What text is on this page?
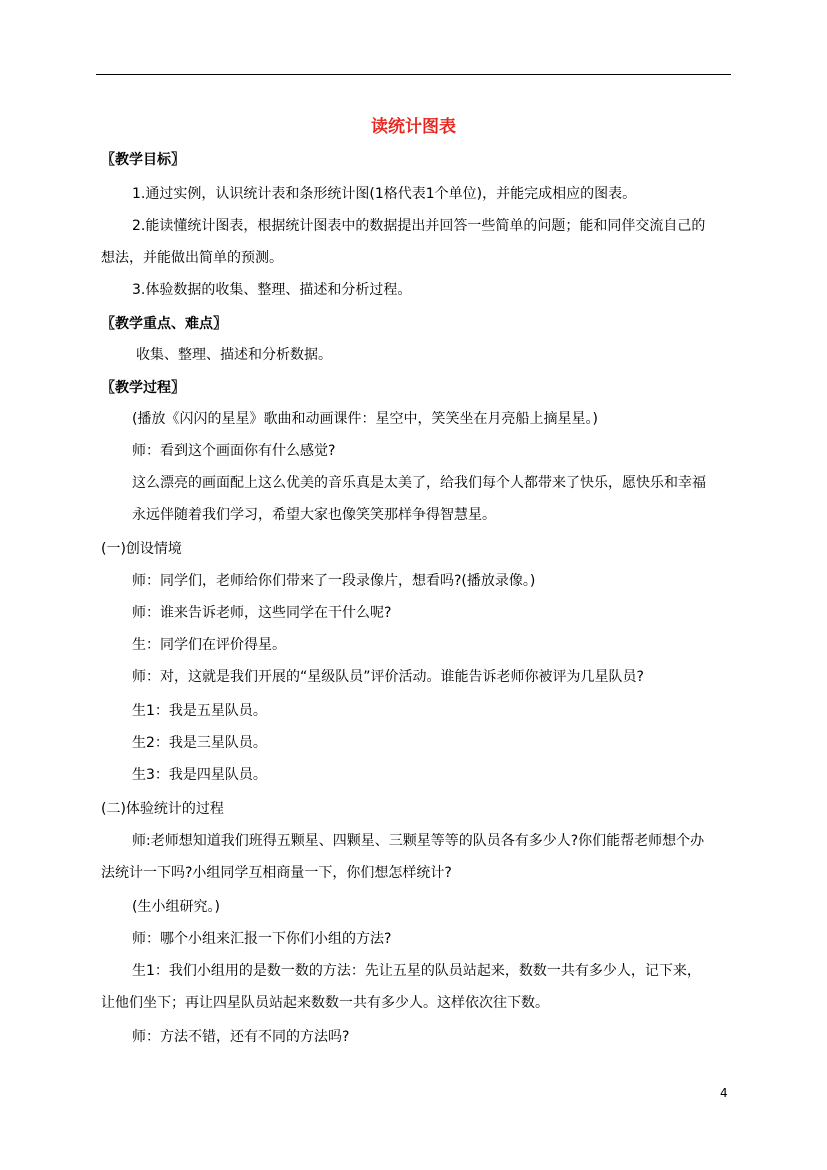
读统计图表
〖教学目标〗
1.通过实例，认识统计表和条形统计图(1格代表1个单位)，并能完成相应的图表。
2.能读懂统计图表，根据统计图表中的数据提出并回答一些简单的问题；能和同伴交流自己的
想法，并能做出简单的预测。
3.体验数据的收集、整理、描述和分析过程。
〖教学重点、难点〗
收集、整理、描述和分析数据。
〖教学过程〗
(播放《闪闪的星星》歌曲和动画课件：星空中，笑笑坐在月亮船上摘星星。)
师：看到这个画面你有什么感觉?
这么漂亮的画面配上这么优美的音乐真是太美了，给我们每个人都带来了快乐，愿快乐和幸福
永远伴随着我们学习，希望大家也像笑笑那样争得智慧星。
(一)创设情境
师：同学们，老师给你们带来了一段录像片，想看吗?(播放录像。)
师：谁来告诉老师，这些同学在干什么呢?
生：同学们在评价得星。
师：对，这就是我们开展的“星级队员”评价活动。谁能告诉老师你被评为几星队员?
生1：我是五星队员。
生2：我是三星队员。
生3：我是四星队员。
(二)体验统计的过程
师:老师想知道我们班得五颗星、四颗星、三颗星等等的队员各有多少人?你们能帮老师想个办
法统计一下吗?小组同学互相商量一下，你们想怎样统计?
(生小组研究。)
师：哪个小组来汇报一下你们小组的方法?
生1：我们小组用的是数一数的方法：先让五星的队员站起来，数数一共有多少人，记下来，
让他们坐下；再让四星队员站起来数数一共有多少人。这样依次往下数。
师：方法不错，还有不同的方法吗?
4
